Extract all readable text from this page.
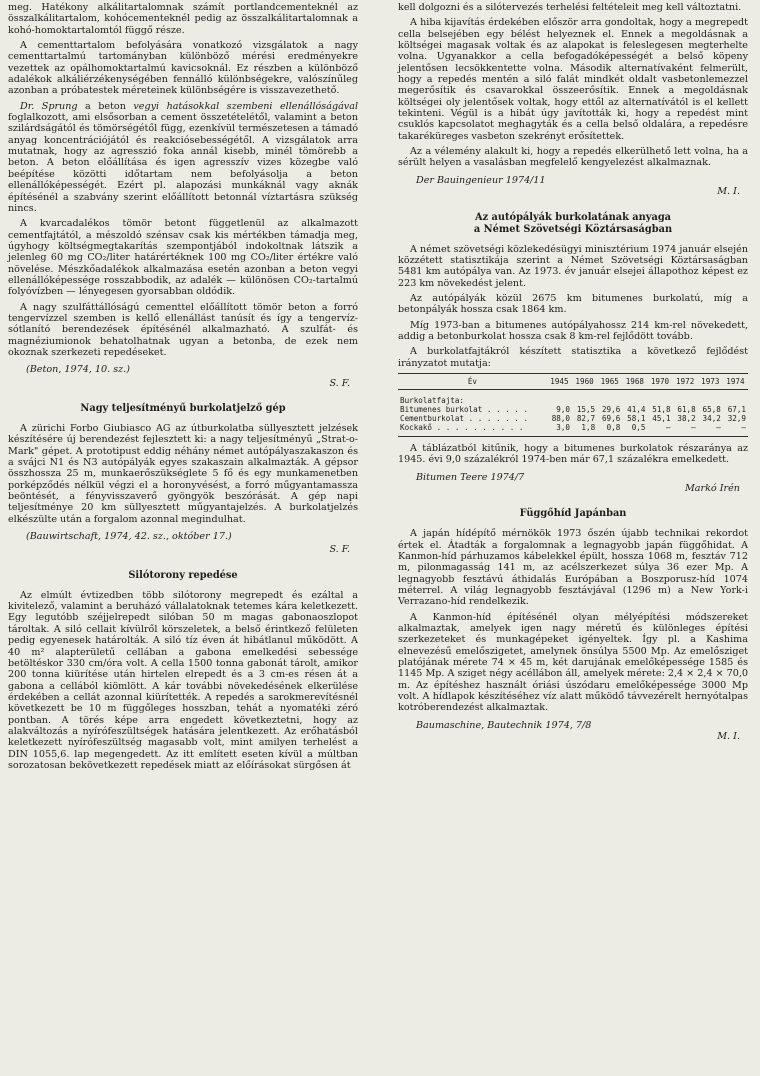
meg. Hatékony alkálitartalomnak számít portlandcementeknél az összalkálitartalom, kohócementeknél pedig az összalkálitartalomnak a kohó-homoktartalomtól függő része.

A cementtartalom befolyására vonatkozó vizsgálatok a nagy cementtartalmú tartományban különböző mérési eredményekre vezettek az opálhomoktartalmú kavicsoknál. Ez részben a különböző adalékok alkáliérzékenységében fennálló különbségekre, valószínűleg azonban a próbatestek méreteinek különbségére is visszavezethető.

Dr. Sprung a beton vegyi hatásokkal szembeni ellenállóságával foglalkozott, ami elsősorban a cement összetételétől, valamint a beton szilárdságától és tömörségétől függ, ezenkívül természetesen a támadó anyag koncentrációjától és reakciósebességétől. A vizsgálatok arra mutatnak, hogy az agresszió foka annál kisebb, minél tömörebb a beton. A beton előállítása és igen agresszív vizes közegbe való beépítése közötti időtartam nem befolyásolja a beton ellenállóképességét. Ezért pl. alapozási munkáknál vagy aknák építésénél a szabvány szerint előállított betonnál víztartásra szükség nincs.

A kvarcadalékos tömör betont függetlenül az alkalmazott cementfajtától, a mészoldó szénsav csak kis mértékben támadja meg, úgyhogy költségmegtakarítás szempontjából indokoltnak látszik a jelenleg 60 mg CO₂/liter határértéknek 100 mg CO₂/liter értékre való növelése. Mészkőadalékok alkalmazása esetén azonban a beton vegyi ellenállóképessége rosszabbodik, az adalék — különösen CO₂-tartalmú folyóvízben — lényegesen gyorsabban oldódik.

A nagy szulfáttállóságú cementtel előállított tömör beton a forró tengervízzel szemben is kellő ellenállást tanúsít és így a tengervíz-sótlanító berendezések építésénél alkalmazható. A szulfát- és magnéziumionok behatolhatnak ugyan a betonba, de ezek nem okoznak szerkezeti repedéseket.

(Beton, 1974, 10. sz.)

S. F.

Nagy teljesítményű burkolatjelző gép

A zürichi Forbo Giubiasco AG az útburkolatba süllyesztett jelzések készítésére új berendezést fejlesztett ki: a nagy teljesítményű „Strat-o-Mark" gépet. A prototipust eddig néhány német autópályaszakaszon és a svájci N1 és N3 autópályák egyes szakaszain alkalmazták. A gépsor összhossza 25 m, munkaerőszükséglete 5 fő és egy munkamenetben porképződés nélkül végzi el a horonyvésést, a forró műgyantamassza beöntését, a fényvisszaverő gyöngyök beszórását. A gép napi teljesítménye 20 km süllyesztett műgyantajelzés. A burkolatjelzés elkészülte után a forgalom azonnal megindulhat.

(Bauwirtschaft, 1974, 42. sz., október 17.)

S. F.

Silótorony repedése

Az elmúlt évtizedben több silótorony megrepedt és ezáltal a kivitelező, valamint a beruházó vállalatoknak tetemes kára keletkezett. Egy legutóbb széjjelrepedt silóban 50 m magas gabonaoszlopot tároltak. A siló cellait kívülről körszeletek, a belső érintkező felületen pedig egyenesek határolták. A siló tíz éven át hibátlanul működött. A 40 m² alapterületű cellában a gabona emelkedési sebessége betöltéskor 330 cm/óra volt. A cella 1500 tonna gabonát tárolt, amikor 200 tonna kiürítése után hirtelen elrepedt és a 3 cm-es résen át a gabona a cellából kiömlött. A kár további növekedésének elkerülése érdekében a cellát azonnal kiürítették. A repedés a sarokmerevítésnél következett be 10 m függőleges hosszban, tehát a nyomatéki zéró pontban. A törés képe arra engedett következtetni, hogy az alakváltozás a nyírófeszültségek hatására jelentkezett. Az erőhatásból keletkezett nyírófeszültség magasabb volt, mint amilyen terhelést a DIN 1055,6. lap megengedett. Az itt említett eseten kívül a múltban sorozatosan bekövetkezett repedések miatt az előírásokat sürgősen át

kell dolgozni és a silótervezés terhelési feltételeit meg kell változtatni.

A hiba kijavítás érdekében először arra gondoltak, hogy a megrepedt cella belsejében egy bélést helyeznek el. Ennek a megoldásnak a költségei magasak voltak és az alapokat is feleslegesen megterhelte volna. Ugyanakkor a cella befogadóképességét a belső köpeny jelentősen lecsökkentette volna. Második alternatívaként felmerült, hogy a repedés mentén a siló falát mindkét oldalt vasbetonlemezzel megerősítik és csavarokkal összeerősítik. Ennek a megoldásnak költségei oly jelentősek voltak, hogy ettől az alternatívától is el kellett tekinteni. Végül is a hibát úgy javították ki, hogy a repedést mint csuklós kapcsolatot meghagyták és a cella belső oldalára, a repedésre takaréküreges vasbeton szekrényt erősítettek.

Az a vélemény alakult ki, hogy a repedés elkerülhető lett volna, ha a sérült helyen a vasalásban megfelelő kengyelezést alkalmaznak.

Der Bauingenieur 1974/11

M. I.

Az autópályák burkolatának anyaga
a Német Szövetségi Köztársaságban

A német szövetségi közlekedésügyi minisztérium 1974 január elsején közzétett statisztikája szerint a Német Szövetségi Köztársaságban 5481 km autópálya van. Az 1973. év január elsejei állapothoz képest ez 223 km növekedést jelent.

Az autópályák közül 2675 km bitumenes burkolatú, míg a betonpályák hossza csak 1864 km.

Míg 1973-ban a bitumenes autópályahossz 214 km-rel növekedett, addig a betonburkolat hossza csak 8 km-rel fejlődött tovább.

A burkolatfajtákról készített statisztika a következő fejlődést irányzatot mutatja:

Év	1945	1960	1965	1968	1970	1972	1973	1974
Burkolatfajta:								
Bitumenes burkolat . . . . .	9,0	15,5	29,6	41,4	51,8	61,8	65,8	67,1
Cementburkolat . . . . . . .	88,0	82,7	69,6	58,1	45,1	38,2	34,2	32,9
Kockakő . . . . . . . . . .	3,0	1,8	0,8	0,5	—	—	—	—

A táblázatból kitűnik, hogy a bitumenes burkolatok részaránya az 1945. évi 9,0 százalékról 1974-ben már 67,1 százalékra emelkedett.

Bitumen Teere 1974/7

Markó Irén

Függőhíd Japánban

A japán hídépítő mérnökök 1973 őszén újabb technikai rekordot értek el. Átadták a forgalomnak a legnagyobb japán függőhidat. A Kanmon-híd párhuzamos kábelekkel épült, hossza 1068 m, fesztáv 712 m, pilonmagasság 141 m, az acélszerkezet súlya 36 ezer Mp. A legnagyobb fesztávú áthidalás Európában a Boszporusz-híd 1074 méterrel. A világ legnagyobb fesztávjával (1296 m) a New York-i Verrazano-híd rendelkezik.

A Kanmon-híd építésénél olyan mélyépítési módszereket alkalmaztak, amelyek igen nagy méretű és különleges építési szerkezeteket és munkagépeket igényeltek. Így pl. a Kashima elnevezésű emelőszigetet, amelynek önsúlya 5500 Mp. Az emelősziget platójának mérete 74 × 45 m, két darujának emelőképessége 1585 és 1145 Mp. A sziget négy acéllábon áll, amelyek mérete: 2,4 × 2,4 × 70,0 m. Az építéshez használt óriási úszódaru emelőképessége 3000 Mp volt. A hídlapok készítéséhez víz alatt működő távvezérelt hernyótalpas kotróberendezést alkalmaztak.

Baumaschine, Bautechnik 1974, 7/8

M. I.
